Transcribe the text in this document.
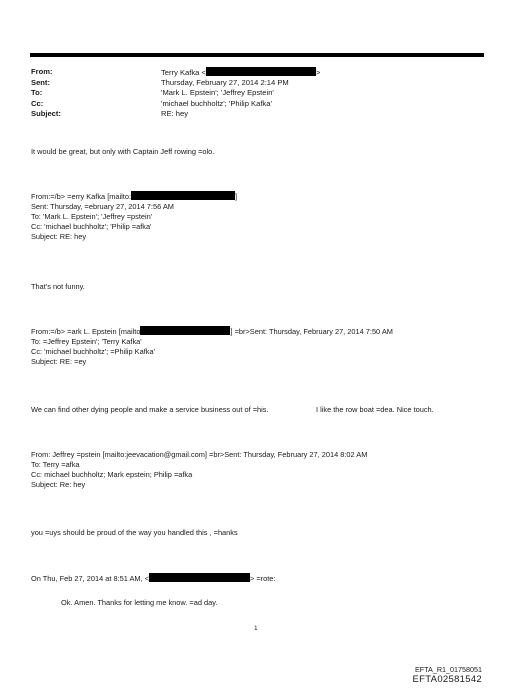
From:	Terry Kafka <	>
Sent:	Thursday, February 27, 2014 2:14 PM
To:	'Mark L. Epstein'; 'Jeffrey Epstein'
Cc:	'michael buchholtz'; 'Philip Kafka'
Subject:	RE: hey
It would be great, but only with Captain Jeff rowing =olo.
From:=/b> =erry Kafka [mailto:	]
Sent: Thursday, =ebruary 27, 2014 7:56 AM
To: 'Mark L. Epstein'; 'Jeffrey =pstein'
Cc: 'michael buchholtz'; 'Philip =afka'
Subject: RE: hey
That's not funny.
From:=/b> =ark L. Epstein [mailto	] =br>Sent: Thursday, February 27, 2014 7:50 AM
To: =Jeffrey Epstein'; 'Terry Kafka'
Cc: 'michael buchholtz'; =Philip Kafka'
Subject: RE: =ey
We can find other dying people and make a service business out of =his.	I like the row boat =dea. Nice touch.
From: Jeffrey =pstein [mailto:jeevacation@gmail.com] =br>Sent: Thursday, February 27, 2014 8:02 AM
To: Terry =afka
Cc: michael buchholtz; Mark epstein; Philip =afka
Subject: Re: hey
you =uys should be proud of the way you handled this , =hanks
On Thu, Feb 27, 2014 at 8:51 AM, <	> =rote:
Ok. Amen. Thanks for letting me know. =ad day.
1
EFTA_R1_01758051
EFTA02581542
